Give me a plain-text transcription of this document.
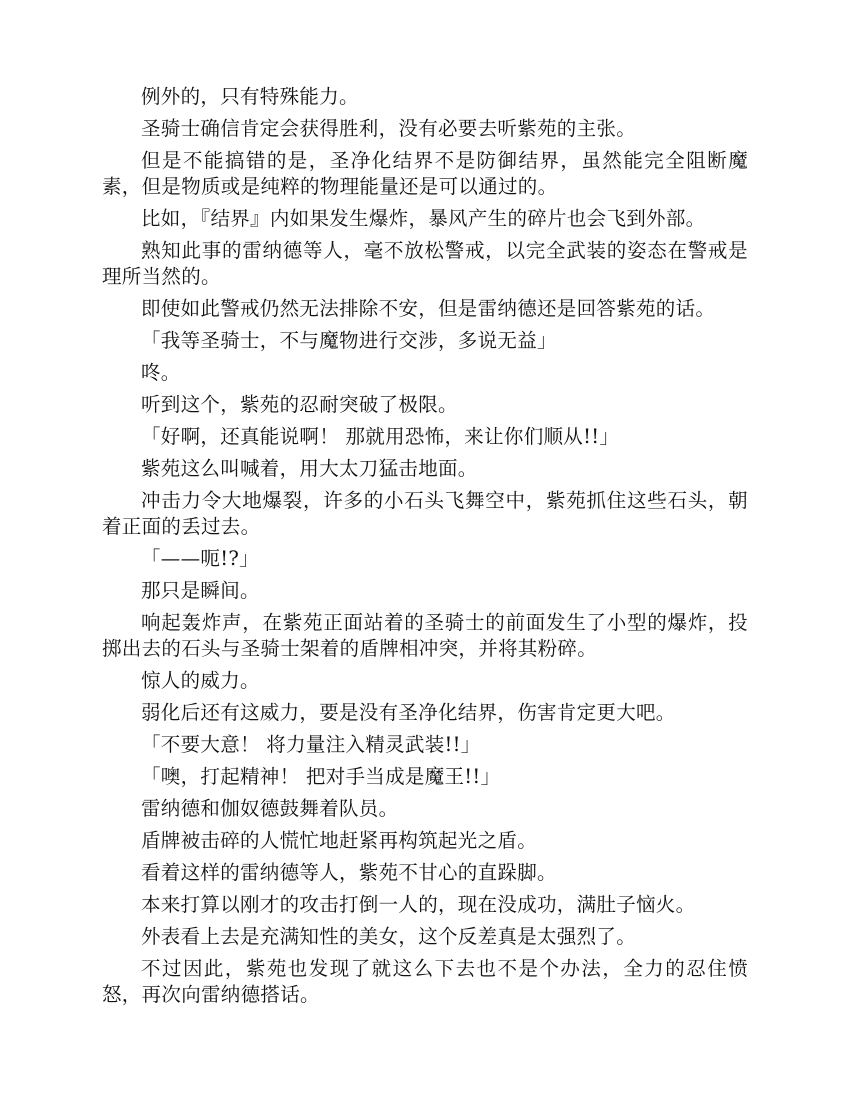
例外的，只有特殊能力。

圣骑士确信肯定会获得胜利，没有必要去听紫苑的主张。

但是不能搞错的是，圣净化结界不是防御结界，虽然能完全阻断魔素，但是物质或是纯粹的物理能量还是可以通过的。

比如，『结界』内如果发生爆炸，暴风产生的碎片也会飞到外部。

熟知此事的雷纳德等人，毫不放松警戒，以完全武装的姿态在警戒是理所当然的。

即使如此警戒仍然无法排除不安，但是雷纳德还是回答紫苑的话。

「我等圣骑士，不与魔物进行交涉，多说无益」

咚。

听到这个，紫苑的忍耐突破了极限。

「好啊，还真能说啊！ 那就用恐怖，来让你们顺从!!」

紫苑这么叫喊着，用大太刀猛击地面。

冲击力令大地爆裂，许多的小石头飞舞空中，紫苑抓住这些石头，朝着正面的丢过去。

「——呃!?」

那只是瞬间。

响起轰炸声，在紫苑正面站着的圣骑士的前面发生了小型的爆炸，投掷出去的石头与圣骑士架着的盾牌相冲突，并将其粉碎。

惊人的威力。

弱化后还有这威力，要是没有圣净化结界，伤害肯定更大吧。

「不要大意！ 将力量注入精灵武装!!」

「噢，打起精神！ 把对手当成是魔王!!」

雷纳德和伽奴德鼓舞着队员。

盾牌被击碎的人慌忙地赶紧再构筑起光之盾。

看着这样的雷纳德等人，紫苑不甘心的直跺脚。

本来打算以刚才的攻击打倒一人的，现在没成功，满肚子恼火。

外表看上去是充满知性的美女，这个反差真是太强烈了。

不过因此，紫苑也发现了就这么下去也不是个办法，全力的忍住愤怒，再次向雷纳德搭话。
